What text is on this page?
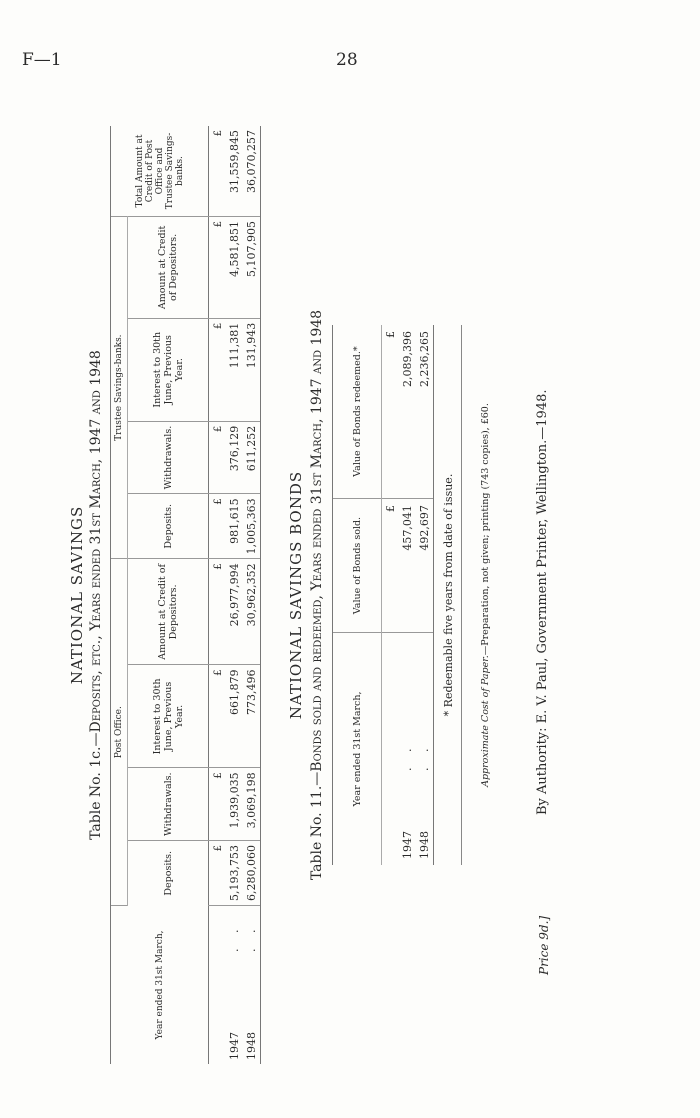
F—1	28
NATIONAL SAVINGS
Table No. 1c.—Deposits, etc., Years ended 31st March, 1947 and 1948
Year ended 31st March,	Post Office.				Trustee Savings-banks.				Total Amount at Credit of Post Office and Trustee Savings-banks.
	Deposits.	Withdrawals.	Interest to 30th June, Previous Year.	Amount at Credit of Depositors.	Deposits.	Withdrawals.	Interest to 30th June, Previous Year.	Amount at Credit of Depositors.	
	£	£	£	£	£	£	£	£	£
1947. .	5,193,753	1,939,035	661,879	26,977,994	981,615	376,129	111,381	4,581,851	31,559,845
1948. .	6,280,060	3,069,198	773,496	30,962,352	1,005,363	611,252	131,943	5,107,905	36,070,257
NATIONAL SAVINGS BONDS
Table No. 11.—Bonds sold and redeemed, Years ended 31st March, 1947 and 1948	Year ended 31st March,	Value of Bonds sold.	Value of Bonds redeemed.*
	£	£
1947. .	457,041	2,089,396
1948. .	492,697	2,236,265
* Redeemable five years from date of issue.
Approximate Cost of Paper.—Preparation, not given; printing (743 copies), £60.
Price 9d.]
By Authority: E. V. Paul, Government Printer, Wellington.—1948.
